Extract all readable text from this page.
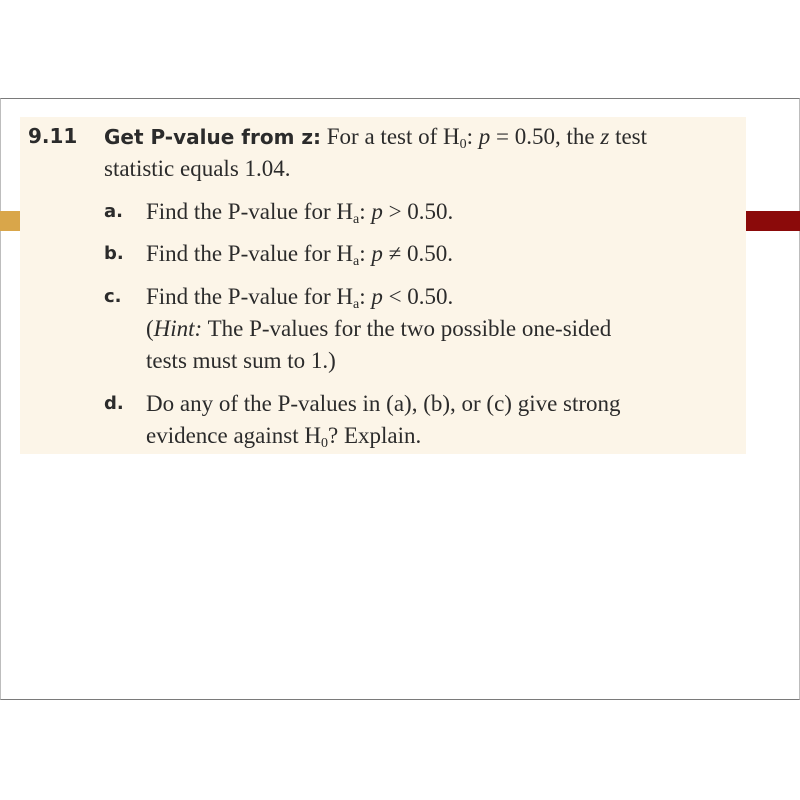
9.11 Get P-value from z: For a test of $H_0$: p = 0.50, the z test
statistic equals 1.04.
a. Find the P-value for $H_a$: p > 0.50.
b. Find the P-value for $H_a$: p ≠ 0.50.
c. Find the P-value for $H_a$: p < 0.50.
(Hint: The P-values for the two possible one-sided
tests must sum to 1.)
d. Do any of the P-values in (a), (b), or (c) give strong
evidence against $H_0$? Explain.
